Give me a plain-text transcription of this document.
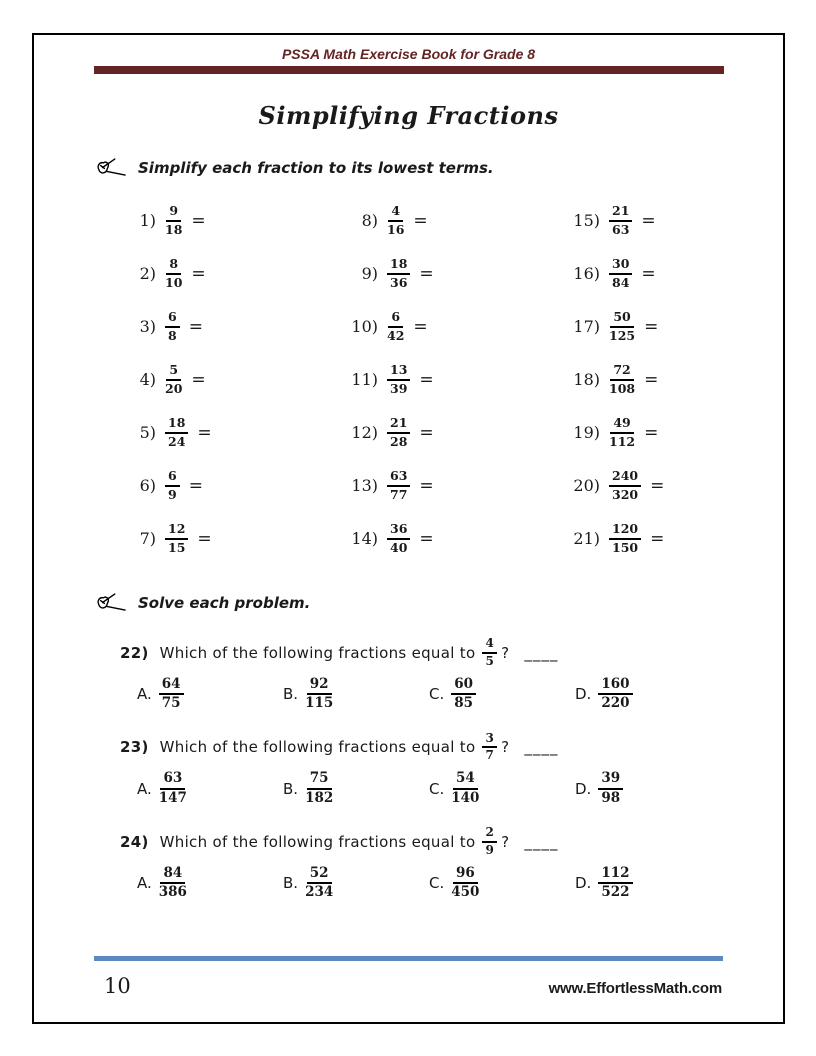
PSSA Math Exercise Book for Grade 8
Simplifying Fractions
Simplify each fraction to its lowest terms.
$1) \frac{9}{18}$ =
$2) \frac{8}{10}$ =
$3) \frac{6}{8}$ =
$4) \frac{5}{20}$ =
$5) \frac{18}{24}$ =
$6) \frac{6}{9}$ =
$7) \frac{12}{15}$ =
$8) \frac{4}{16}$ =
$9) \frac{18}{36}$ =
$10) \frac{6}{42}$ =
$11) \frac{13}{39}$ =
$12) \frac{21}{28}$ =
$13) \frac{63}{77}$ =
$14) \frac{36}{40}$ =
$15) \frac{21}{63}$ =
$16) \frac{30}{84}$ =
$17) \frac{50}{125}$ =
$18) \frac{72}{108}$ =
$19) \frac{49}{112}$ =
$20) \frac{240}{320}$ =
$21) \frac{120}{150}$ =
Solve each problem.
22) Which of the following fractions equal to $\frac{4}{5}$ ? ____
A. $\frac{64}{75}$	B. $\frac{92}{115}$	C. $\frac{60}{85}$	D. $\frac{160}{220}$
23) Which of the following fractions equal to $\frac{3}{7}$ ? ____
A. $\frac{63}{147}$	B. $\frac{75}{182}$	C. $\frac{54}{140}$	D. $\frac{39}{98}$
24) Which of the following fractions equal to $\frac{2}{9}$ ? ____
A. $\frac{84}{386}$	B. $\frac{52}{234}$	C. $\frac{96}{450}$	D. $\frac{112}{522}$
10	www.EffortlessMath.com
